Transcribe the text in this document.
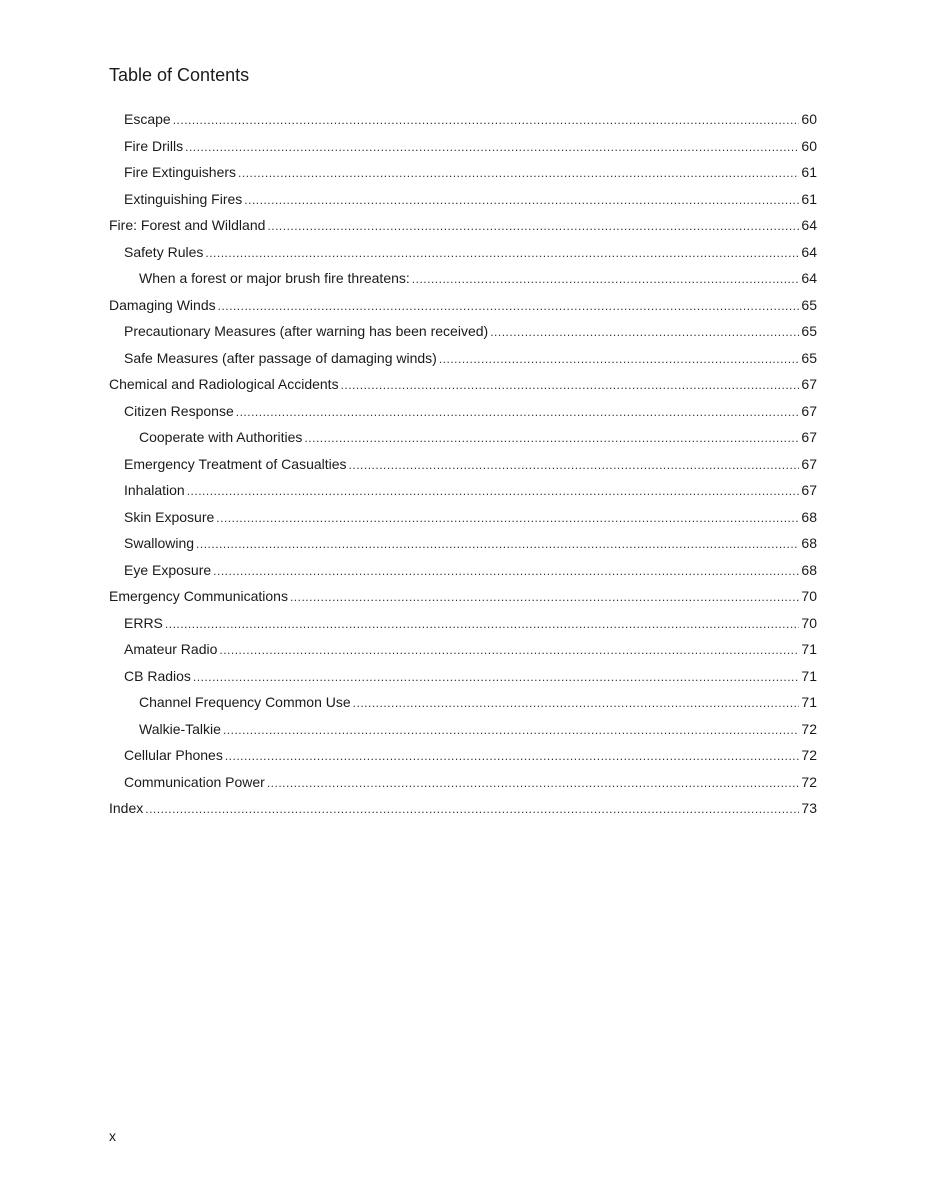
Table of Contents
Escape .....	60
Fire Drills .....	60
Fire Extinguishers .....	61
Extinguishing Fires .....	61
Fire: Forest and Wildland .....	64
Safety Rules .....	64
When a forest or major brush fire threatens: .....	64
Damaging Winds .....	65
Precautionary Measures (after warning has been received) .....	65
Safe Measures (after passage of damaging winds) .....	65
Chemical and Radiological Accidents .....	67
Citizen Response .....	67
Cooperate with Authorities .....	67
Emergency Treatment of Casualties .....	67
Inhalation .....	67
Skin Exposure .....	68
Swallowing .....	68
Eye Exposure .....	68
Emergency Communications .....	70
ERRS .....	70
Amateur Radio .....	71
CB Radios .....	71
Channel Frequency Common Use .....	71
Walkie-Talkie .....	72
Cellular Phones .....	72
Communication Power .....	72
Index .....	73
x
